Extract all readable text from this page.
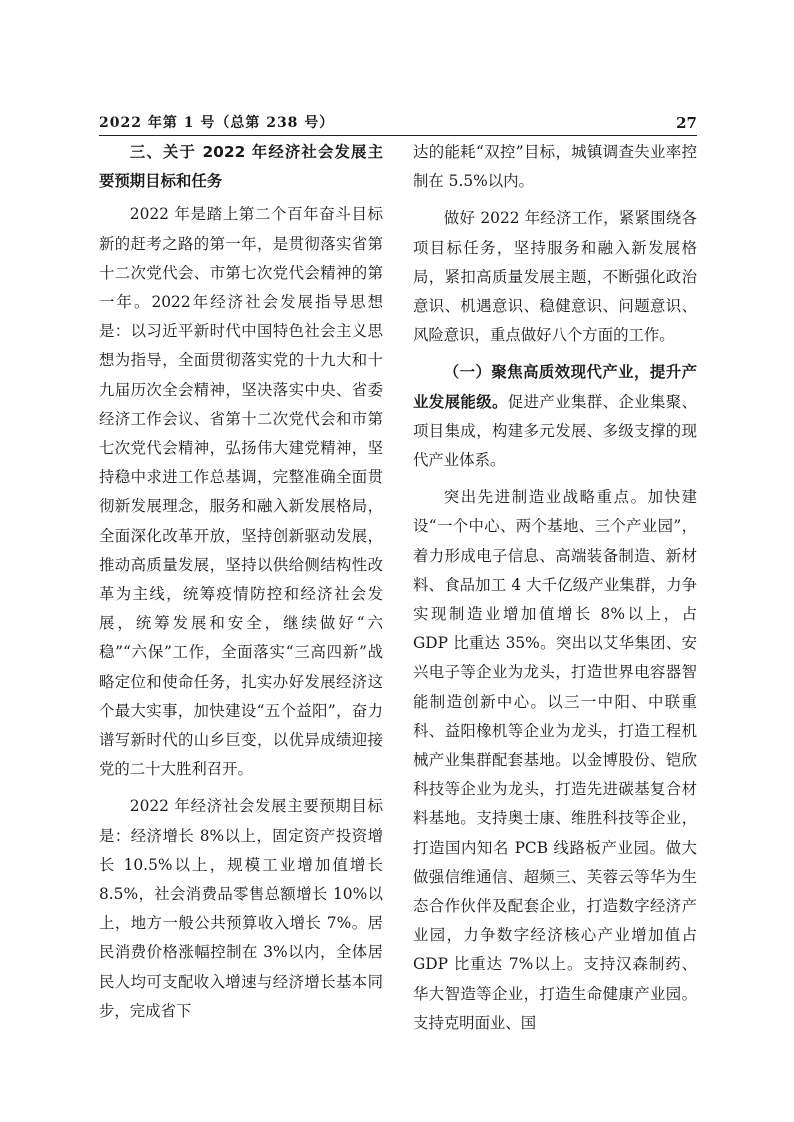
2022 年第 1 号（总第 238 号）	27

三、关于 2022 年经济社会发展主要预期目标和任务

2022 年是踏上第二个百年奋斗目标新的赶考之路的第一年，是贯彻落实省第十二次党代会、市第七次党代会精神的第一年。2022年经济社会发展指导思想是：以习近平新时代中国特色社会主义思想为指导，全面贯彻落实党的十九大和十九届历次全会精神，坚决落实中央、省委经济工作会议、省第十二次党代会和市第七次党代会精神，弘扬伟大建党精神，坚持稳中求进工作总基调，完整准确全面贯彻新发展理念，服务和融入新发展格局，全面深化改革开放，坚持创新驱动发展，推动高质量发展，坚持以供给侧结构性改革为主线，统筹疫情防控和经济社会发展，统筹发展和安全，继续做好“六稳”“六保”工作，全面落实“三高四新”战略定位和使命任务，扎实办好发展经济这个最大实事，加快建设“五个益阳”，奋力谱写新时代的山乡巨变，以优异成绩迎接党的二十大胜利召开。

2022 年经济社会发展主要预期目标是：经济增长 8%以上，固定资产投资增长 10.5%以上，规模工业增加值增长 8.5%，社会消费品零售总额增长 10%以上，地方一般公共预算收入增长 7%。居民消费价格涨幅控制在 3%以内，全体居民人均可支配收入增速与经济增长基本同步，完成省下

达的能耗“双控”目标，城镇调查失业率控制在 5.5%以内。

做好 2022 年经济工作，紧紧围绕各项目标任务，坚持服务和融入新发展格局，紧扣高质量发展主题，不断强化政治意识、机遇意识、稳健意识、问题意识、风险意识，重点做好八个方面的工作。

（一）聚焦高质效现代产业，提升产业发展能级。促进产业集群、企业集聚、项目集成，构建多元发展、多级支撑的现代产业体系。

突出先进制造业战略重点。加快建设“一个中心、两个基地、三个产业园”，着力形成电子信息、高端装备制造、新材料、食品加工 4 大千亿级产业集群，力争实现制造业增加值增长 8%以上，占 GDP 比重达 35%。突出以艾华集团、安兴电子等企业为龙头，打造世界电容器智能制造创新中心。以三一中阳、中联重科、益阳橡机等企业为龙头，打造工程机械产业集群配套基地。以金博股份、铠欣科技等企业为龙头，打造先进碳基复合材料基地。支持奥士康、维胜科技等企业，打造国内知名 PCB 线路板产业园。做大做强信维通信、超频三、芙蓉云等华为生态合作伙伴及配套企业，打造数字经济产业园，力争数字经济核心产业增加值占 GDP 比重达 7%以上。支持汉森制药、华大智造等企业，打造生命健康产业园。支持克明面业、国
